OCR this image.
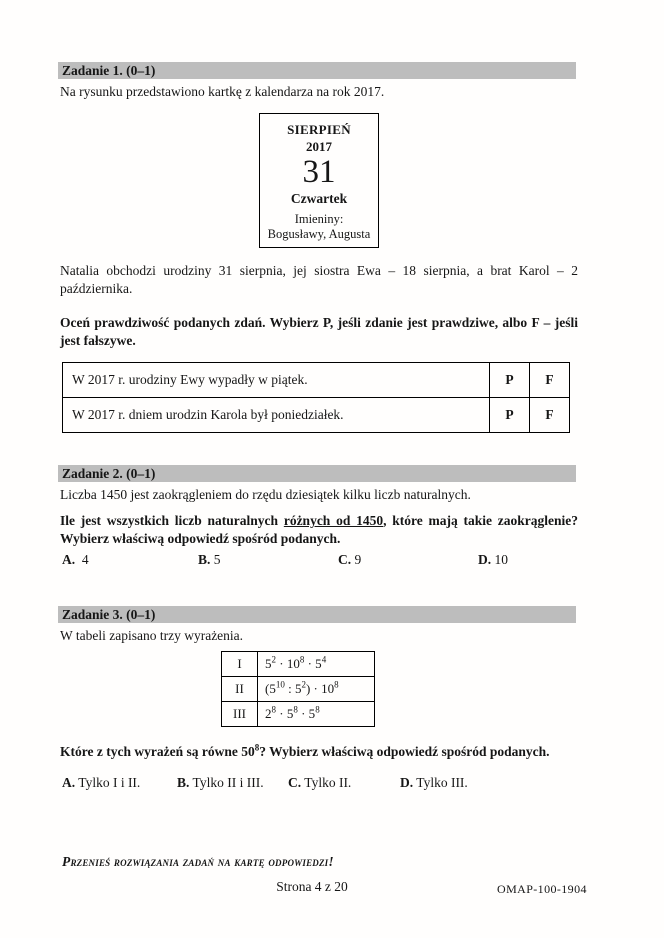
Zadanie 1. (0–1)

Na rysunku przedstawiono kartkę z kalendarza na rok 2017.

SIERPIEŃ
2017
31
Czwartek
Imieniny:
Bogusławy, Augusta

Natalia obchodzi urodziny 31 sierpnia, jej siostra Ewa – 18 sierpnia, a brat Karol – 2 października.

Oceń prawdziwość podanych zdań. Wybierz P, jeśli zdanie jest prawdziwe, albo F – jeśli jest fałszywe.

W 2017 r. urodziny Ewy wypadły w piątek.	P	F
W 2017 r. dniem urodzin Karola był poniedziałek.	P	F
Zadanie 2. (0–1)

Liczba 1450 jest zaokrągleniem do rzędu dziesiątek kilku liczb naturalnych.

Ile jest wszystkich liczb naturalnych różnych od 1450, które mają takie zaokrąglenie? Wybierz właściwą odpowiedź spośród podanych.

A. 4	B. 5	C. 9	D. 10
Zadanie 3. (0–1)

W tabeli zapisano trzy wyrażenia.

I	$5^2 \cdot 10^8 \cdot 5^4$
II	($5^{10}$ : $5^2) \cdot 10^8$
III	$2^8 \cdot 5^8 \cdot 5^8$

Które z tych wyrażeń są równe $50^8$? Wybierz właściwą odpowiedź spośród podanych.

A. Tylko I i II.	B. Tylko II i III. C. Tylko II.	D. Tylko III.
Przenieś rozwiązania zadań na kartę odpowiedzi!
Strona 4 z 20	OMAP-100-1904
